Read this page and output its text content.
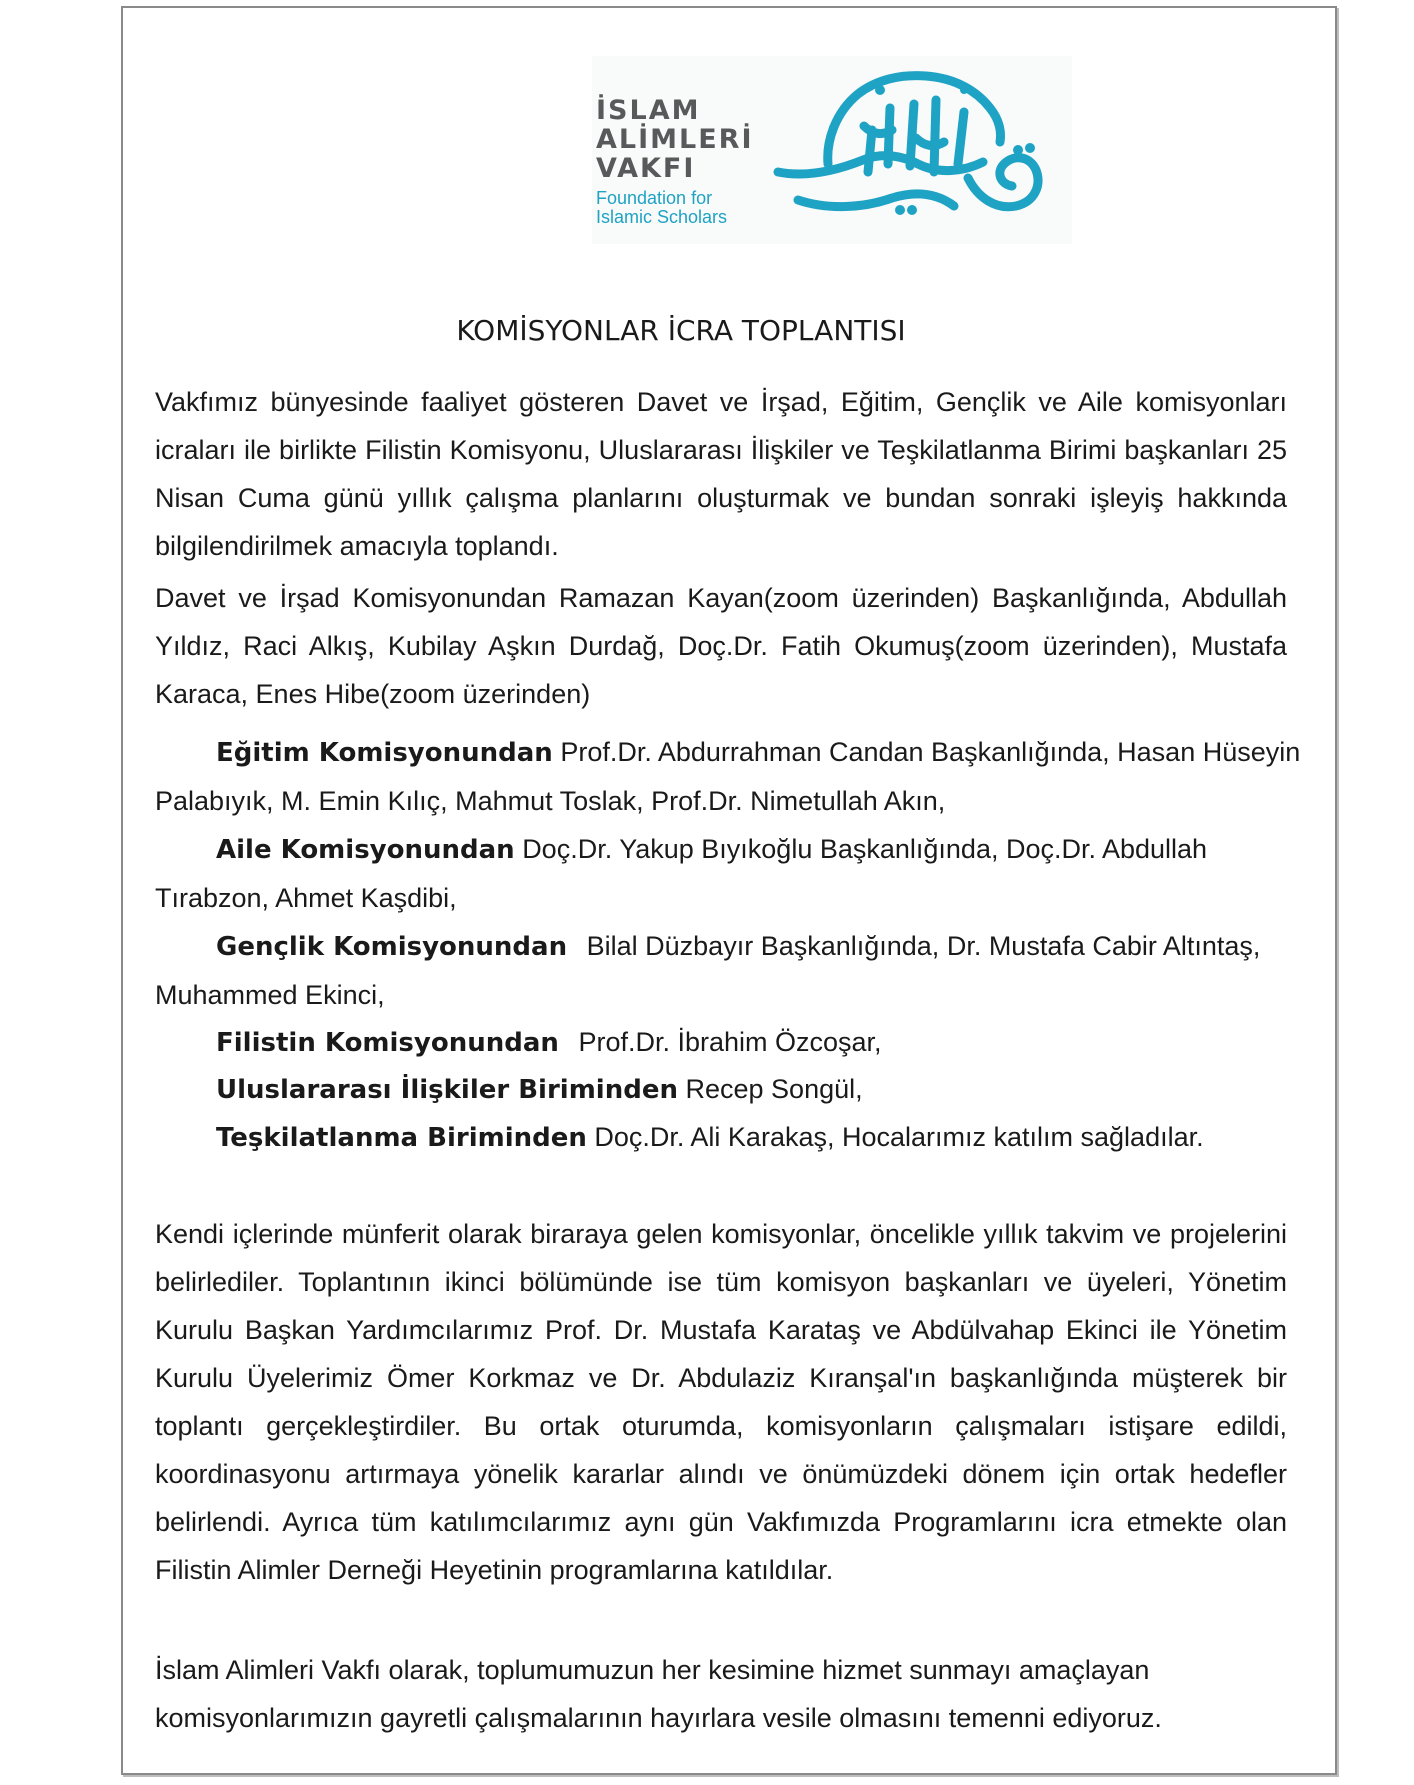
İSLAM
ALİMLERİ
VAKFI
Foundation for
Islamic Scholars
KOMİSYONLAR İCRA TOPLANTISI

Vakfımız bünyesinde faaliyet gösteren Davet ve İrşad, Eğitim, Gençlik ve Aile komisyonları icraları ile birlikte Filistin Komisyonu, Uluslararası İlişkiler ve Teşkilatlanma Birimi başkanları 25 Nisan Cuma günü yıllık çalışma planlarını oluşturmak ve bundan sonraki işleyiş hakkında bilgilendirilmek amacıyla toplandı.

Davet ve İrşad Komisyonundan Ramazan Kayan(zoom üzerinden) Başkanlığında, Abdullah Yıldız, Raci Alkış, Kubilay Aşkın Durdağ, Doç.Dr. Fatih Okumuş(zoom üzerinden), Mustafa Karaca, Enes Hibe(zoom üzerinden)

Eğitim Komisyonundan Prof.Dr. Abdurrahman Candan Başkanlığında, Hasan Hüseyin
Palabıyık, M. Emin Kılıç, Mahmut Toslak, Prof.Dr. Nimetullah Akın,
Aile Komisyonundan Doç.Dr. Yakup Bıyıkoğlu Başkanlığında, Doç.Dr. Abdullah
Tırabzon, Ahmet Kaşdibi,
Gençlik Komisyonundan Bilal Düzbayır Başkanlığında, Dr. Mustafa Cabir Altıntaş,
Muhammed Ekinci,
Filistin Komisyonundan Prof.Dr. İbrahim Özcoşar,
Uluslararası İlişkiler Biriminden Recep Songül,
Teşkilatlanma Biriminden Doç.Dr. Ali Karakaş, Hocalarımız katılım sağladılar.

Kendi içlerinde münferit olarak biraraya gelen komisyonlar, öncelikle yıllık takvim ve projelerini belirlediler. Toplantının ikinci bölümünde ise tüm komisyon başkanları ve üyeleri, Yönetim Kurulu Başkan Yardımcılarımız Prof. Dr. Mustafa Karataş ve Abdülvahap Ekinci ile Yönetim Kurulu Üyelerimiz Ömer Korkmaz ve Dr. Abdulaziz Kıranşal'ın başkanlığında müşterek bir toplantı gerçekleştirdiler. Bu ortak oturumda, komisyonların çalışmaları istişare edildi, koordinasyonu artırmaya yönelik kararlar alındı ve önümüzdeki dönem için ortak hedefler belirlendi. Ayrıca tüm katılımcılarımız aynı gün Vakfımızda Programlarını icra etmekte olan Filistin Alimler Derneği Heyetinin programlarına katıldılar.

İslam Alimleri Vakfı olarak, toplumumuzun her kesimine hizmet sunmayı amaçlayan
komisyonlarımızın gayretli çalışmalarının hayırlara vesile olmasını temenni ediyoruz.
